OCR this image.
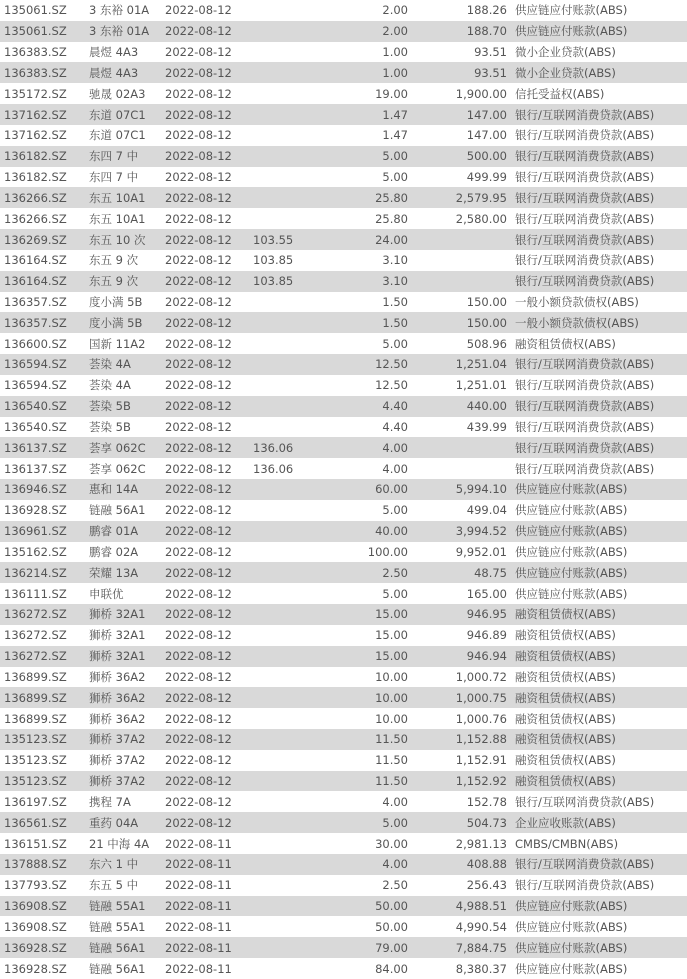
135061.SZ	3 东裕 01A	2022-08-12		2.00	188.26	供应链应付账款(ABS)
135061.SZ	3 东裕 01A	2022-08-12		2.00	188.70	供应链应付账款(ABS)
136383.SZ	晨煜 4A3	2022-08-12		1.00	93.51	微小企业贷款(ABS)
136383.SZ	晨煜 4A3	2022-08-12		1.00	93.51	微小企业贷款(ABS)
135172.SZ	驰晟 02A3	2022-08-12		19.00	1,900.00	信托受益权(ABS)
137162.SZ	东道 07C1	2022-08-12		1.47	147.00	银行/互联网消费贷款(ABS)
137162.SZ	东道 07C1	2022-08-12		1.47	147.00	银行/互联网消费贷款(ABS)
136182.SZ	东四 7 中	2022-08-12		5.00	500.00	银行/互联网消费贷款(ABS)
136182.SZ	东四 7 中	2022-08-12		5.00	499.99	银行/互联网消费贷款(ABS)
136266.SZ	东五 10A1	2022-08-12		25.80	2,579.95	银行/互联网消费贷款(ABS)
136266.SZ	东五 10A1	2022-08-12		25.80	2,580.00	银行/互联网消费贷款(ABS)
136269.SZ	东五 10 次	2022-08-12	103.55	24.00		银行/互联网消费贷款(ABS)
136164.SZ	东五 9 次	2022-08-12	103.85	3.10		银行/互联网消费贷款(ABS)
136164.SZ	东五 9 次	2022-08-12	103.85	3.10		银行/互联网消费贷款(ABS)
136357.SZ	度小满 5B	2022-08-12		1.50	150.00	一般小额贷款债权(ABS)
136357.SZ	度小满 5B	2022-08-12		1.50	150.00	一般小额贷款债权(ABS)
136600.SZ	国新 11A2	2022-08-12		5.00	508.96	融资租赁债权(ABS)
136594.SZ	荟染 4A	2022-08-12		12.50	1,251.04	银行/互联网消费贷款(ABS)
136594.SZ	荟染 4A	2022-08-12		12.50	1,251.01	银行/互联网消费贷款(ABS)
136540.SZ	荟染 5B	2022-08-12		4.40	440.00	银行/互联网消费贷款(ABS)
136540.SZ	荟染 5B	2022-08-12		4.40	439.99	银行/互联网消费贷款(ABS)
136137.SZ	荟享 062C	2022-08-12	136.06	4.00		银行/互联网消费贷款(ABS)
136137.SZ	荟享 062C	2022-08-12	136.06	4.00		银行/互联网消费贷款(ABS)
136946.SZ	惠和 14A	2022-08-12		60.00	5,994.10	供应链应付账款(ABS)
136928.SZ	链融 56A1	2022-08-12		5.00	499.04	供应链应付账款(ABS)
136961.SZ	鹏睿 01A	2022-08-12		40.00	3,994.52	供应链应付账款(ABS)
135162.SZ	鹏睿 02A	2022-08-12		100.00	9,952.01	供应链应付账款(ABS)
136214.SZ	荣耀 13A	2022-08-12		2.50	48.75	供应链应付账款(ABS)
136111.SZ	申联优	2022-08-12		5.00	165.00	供应链应付账款(ABS)
136272.SZ	狮桥 32A1	2022-08-12		15.00	946.95	融资租赁债权(ABS)
136272.SZ	狮桥 32A1	2022-08-12		15.00	946.89	融资租赁债权(ABS)
136272.SZ	狮桥 32A1	2022-08-12		15.00	946.94	融资租赁债权(ABS)
136899.SZ	狮桥 36A2	2022-08-12		10.00	1,000.72	融资租赁债权(ABS)
136899.SZ	狮桥 36A2	2022-08-12		10.00	1,000.75	融资租赁债权(ABS)
136899.SZ	狮桥 36A2	2022-08-12		10.00	1,000.76	融资租赁债权(ABS)
135123.SZ	狮桥 37A2	2022-08-12		11.50	1,152.88	融资租赁债权(ABS)
135123.SZ	狮桥 37A2	2022-08-12		11.50	1,152.91	融资租赁债权(ABS)
135123.SZ	狮桥 37A2	2022-08-12		11.50	1,152.92	融资租赁债权(ABS)
136197.SZ	携程 7A	2022-08-12		4.00	152.78	银行/互联网消费贷款(ABS)
136561.SZ	重药 04A	2022-08-12		5.00	504.73	企业应收账款(ABS)
136151.SZ	21 中海 4A	2022-08-11		30.00	2,981.13	CMBS/CMBN(ABS)
137888.SZ	东六 1 中	2022-08-11		4.00	408.88	银行/互联网消费贷款(ABS)
137793.SZ	东五 5 中	2022-08-11		2.50	256.43	银行/互联网消费贷款(ABS)
136908.SZ	链融 55A1	2022-08-11		50.00	4,988.51	供应链应付账款(ABS)
136908.SZ	链融 55A1	2022-08-11		50.00	4,990.54	供应链应付账款(ABS)
136928.SZ	链融 56A1	2022-08-11		79.00	7,884.75	供应链应付账款(ABS)
136928.SZ	链融 56A1	2022-08-11		84.00	8,380.37	供应链应付账款(ABS)
